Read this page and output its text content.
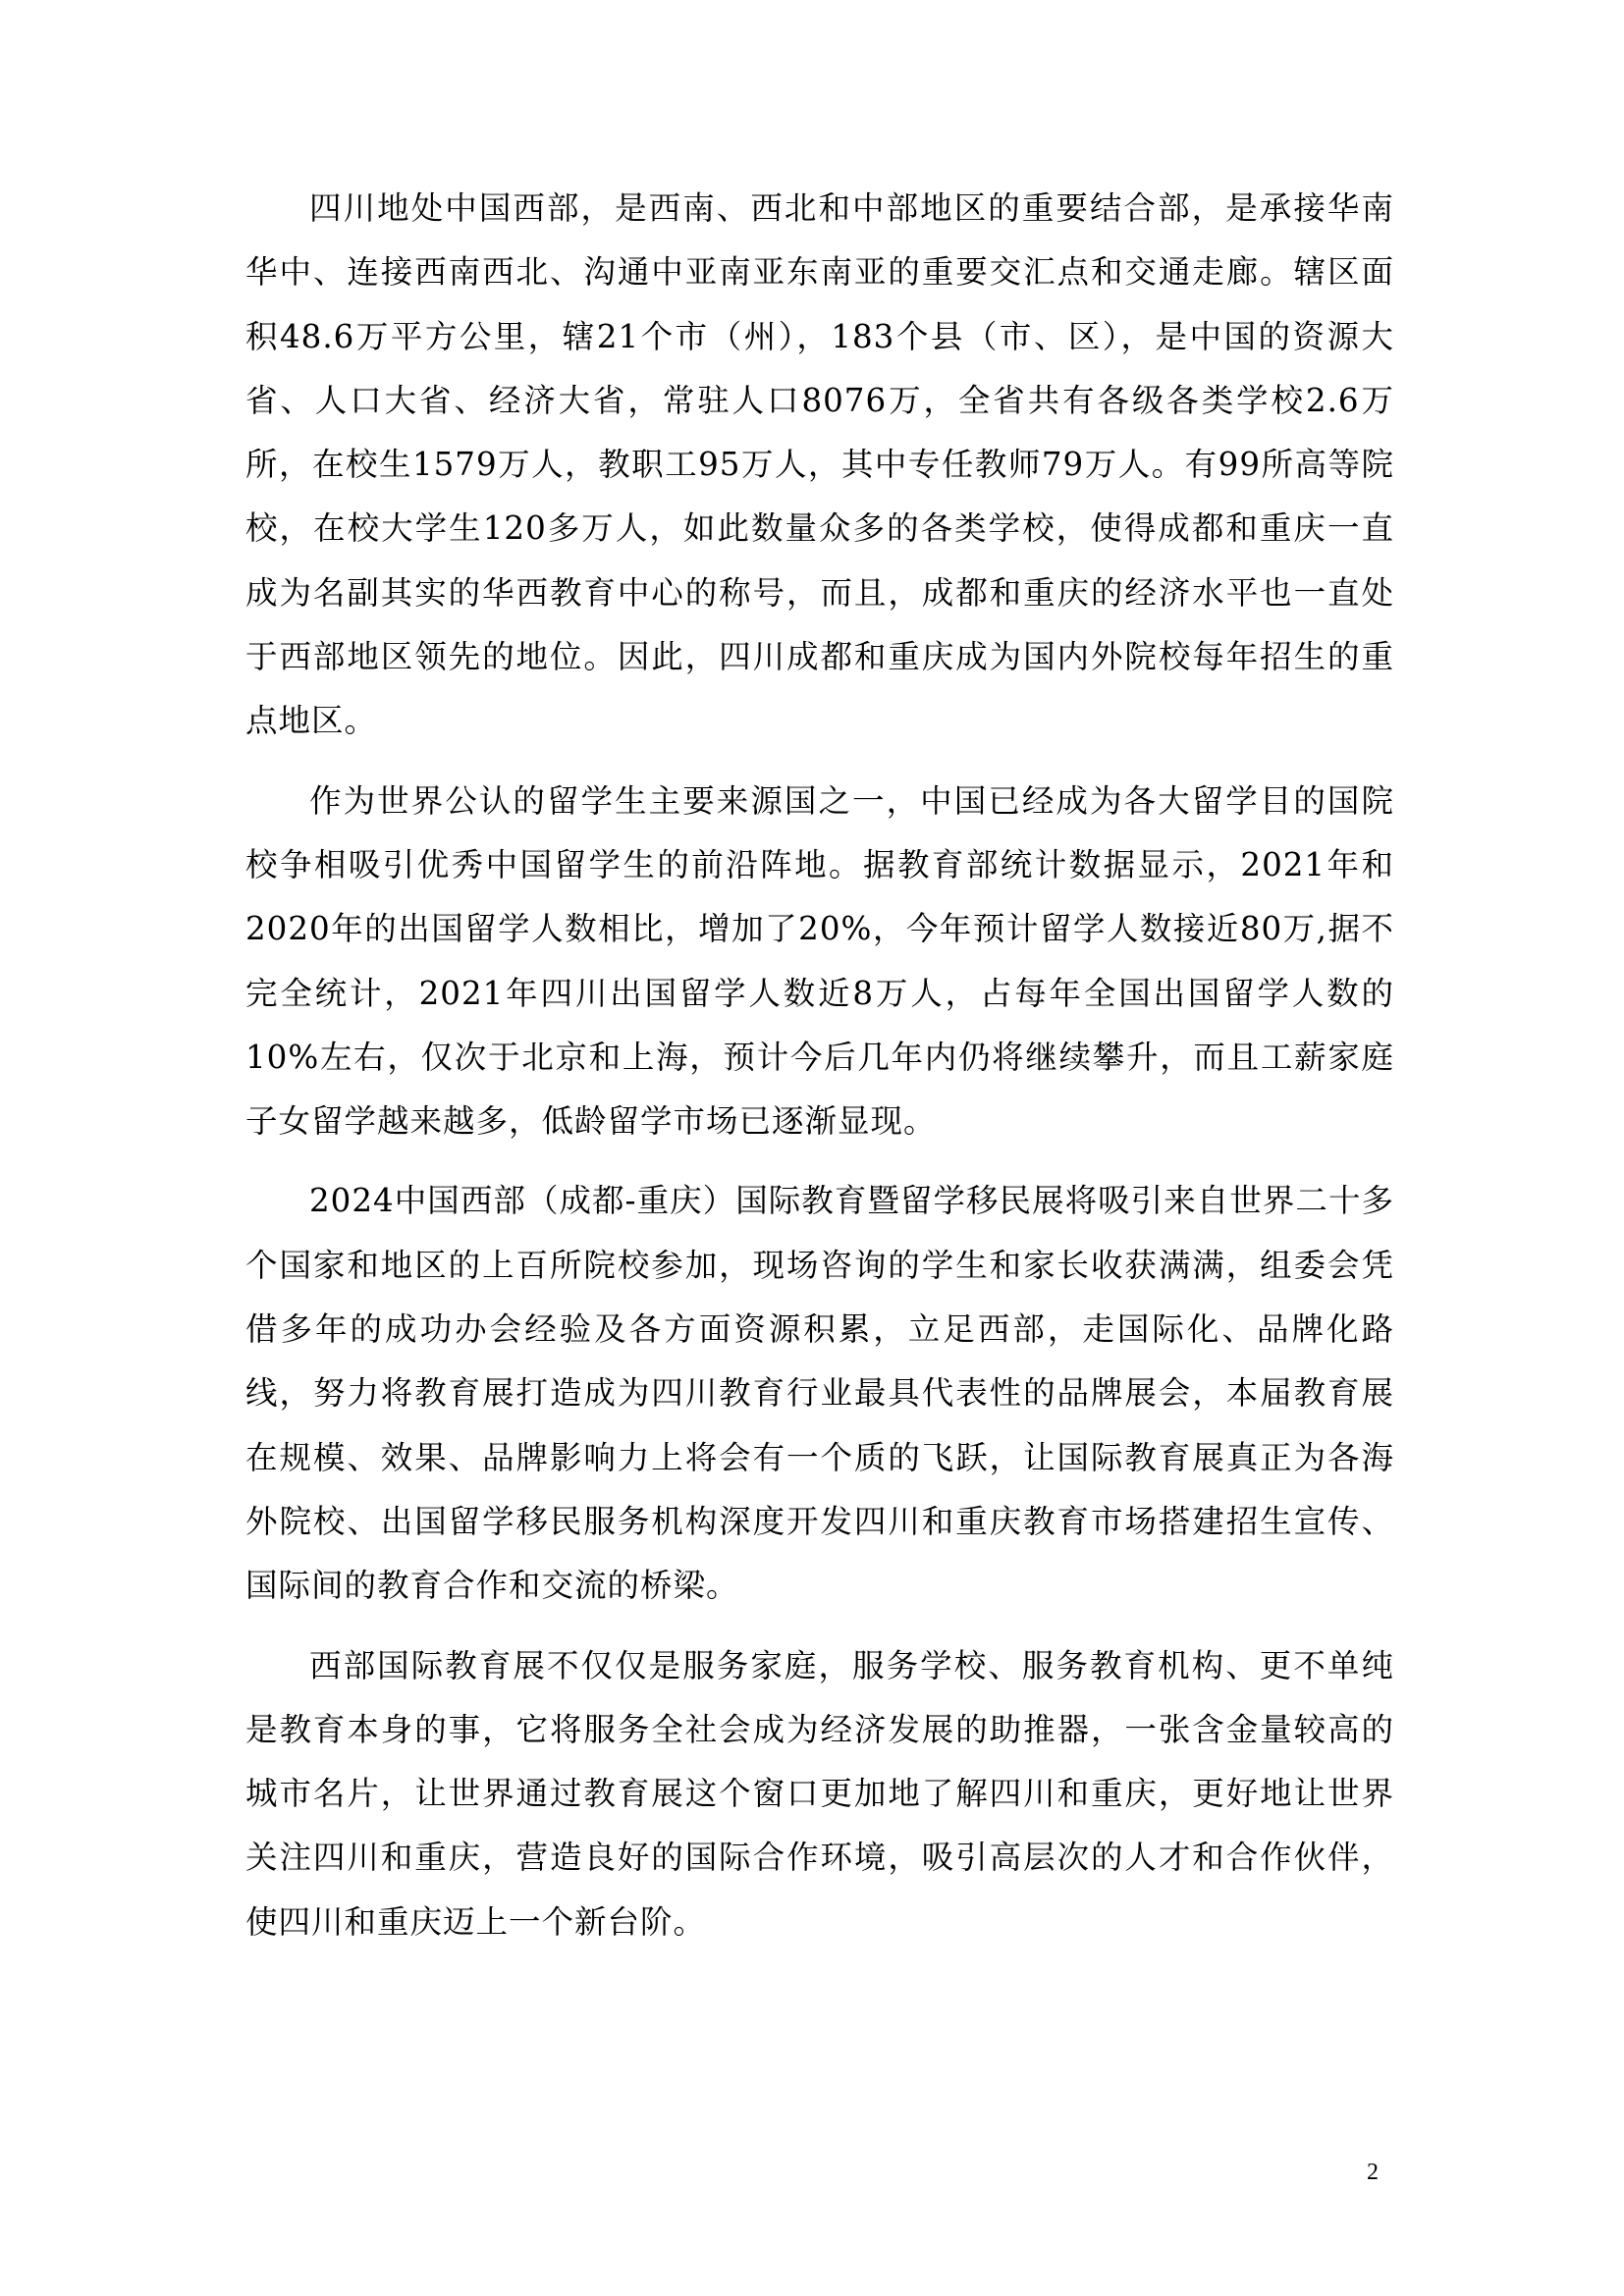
四川地处中国西部，是西南、西北和中部地区的重要结合部，是承接华南华中、连接西南西北、沟通中亚南亚东南亚的重要交汇点和交通走廊。辖区面积48.6万平方公里，辖21个市（州），183个县（市、区），是中国的资源大省、人口大省、经济大省，常驻人口8076万，全省共有各级各类学校2.6万所，在校生1579万人，教职工95万人，其中专任教师79万人。有99所高等院校，在校大学生120多万人，如此数量众多的各类学校，使得成都和重庆一直成为名副其实的华西教育中心的称号，而且，成都和重庆的经济水平也一直处于西部地区领先的地位。因此，四川成都和重庆成为国内外院校每年招生的重点地区。

作为世界公认的留学生主要来源国之一，中国已经成为各大留学目的国院校争相吸引优秀中国留学生的前沿阵地。据教育部统计数据显示，2021年和2020年的出国留学人数相比，增加了20%，今年预计留学人数接近80万,据不完全统计，2021年四川出国留学人数近8万人，占每年全国出国留学人数的10%左右，仅次于北京和上海，预计今后几年内仍将继续攀升，而且工薪家庭子女留学越来越多，低龄留学市场已逐渐显现。

2024中国西部（成都-重庆）国际教育暨留学移民展将吸引来自世界二十多个国家和地区的上百所院校参加，现场咨询的学生和家长收获满满，组委会凭借多年的成功办会经验及各方面资源积累，立足西部，走国际化、品牌化路线，努力将教育展打造成为四川教育行业最具代表性的品牌展会，本届教育展在规模、效果、品牌影响力上将会有一个质的飞跃，让国际教育展真正为各海外院校、出国留学移民服务机构深度开发四川和重庆教育市场搭建招生宣传、国际间的教育合作和交流的桥梁。

西部国际教育展不仅仅是服务家庭，服务学校、服务教育机构、更不单纯是教育本身的事，它将服务全社会成为经济发展的助推器，一张含金量较高的城市名片，让世界通过教育展这个窗口更加地了解四川和重庆，更好地让世界关注四川和重庆，营造良好的国际合作环境，吸引高层次的人才和合作伙伴，使四川和重庆迈上一个新台阶。

2
